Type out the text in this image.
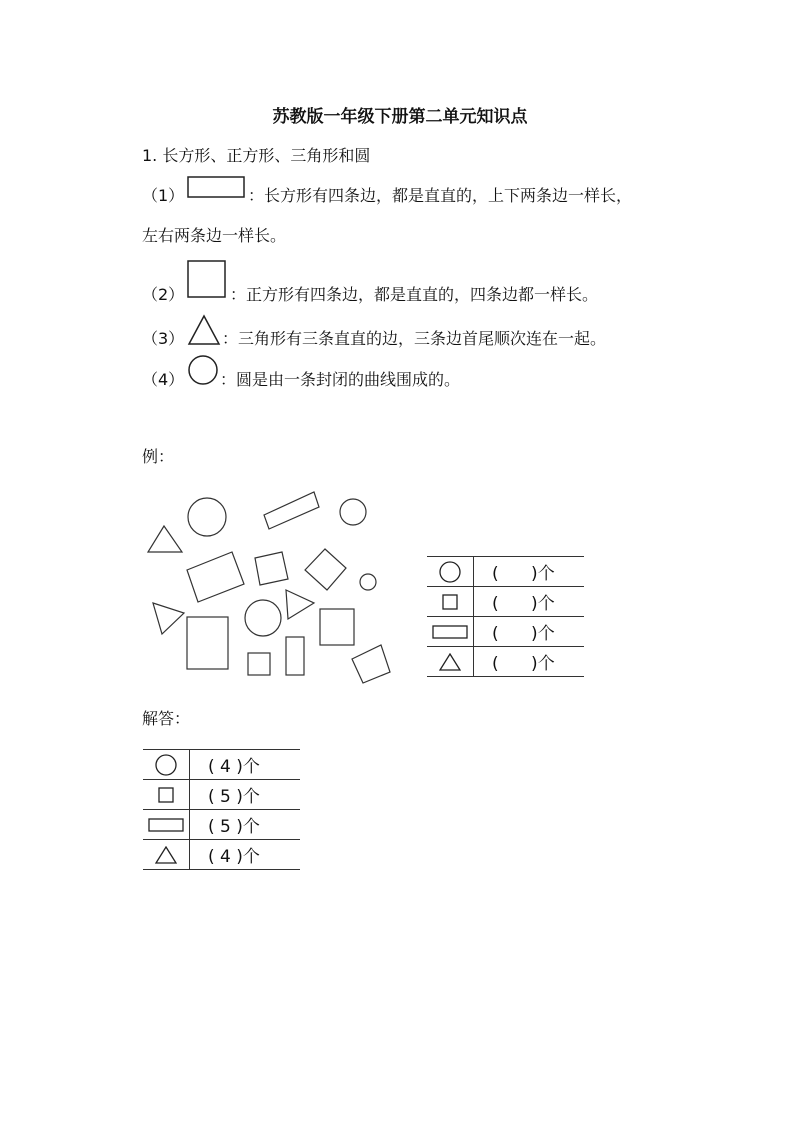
苏教版一年级下册第二单元知识点
1. 长方形、正方形、三角形和圆
（1）	：长方形有四条边，都是直直的，上下两条边一样长，
左右两条边一样长。
（2）	：正方形有四条边，都是直直的，四条边都一样长。
（3） ：三角形有三条直直的边，三条边首尾顺次连在一起。
（4） ：圆是由一条封闭的曲线围成的。
例：
	(      )个

	(      )个

	(      )个

	(      )个
解答：
	( 4 )个

	( 5 )个

	( 5 )个

	( 4 )个
